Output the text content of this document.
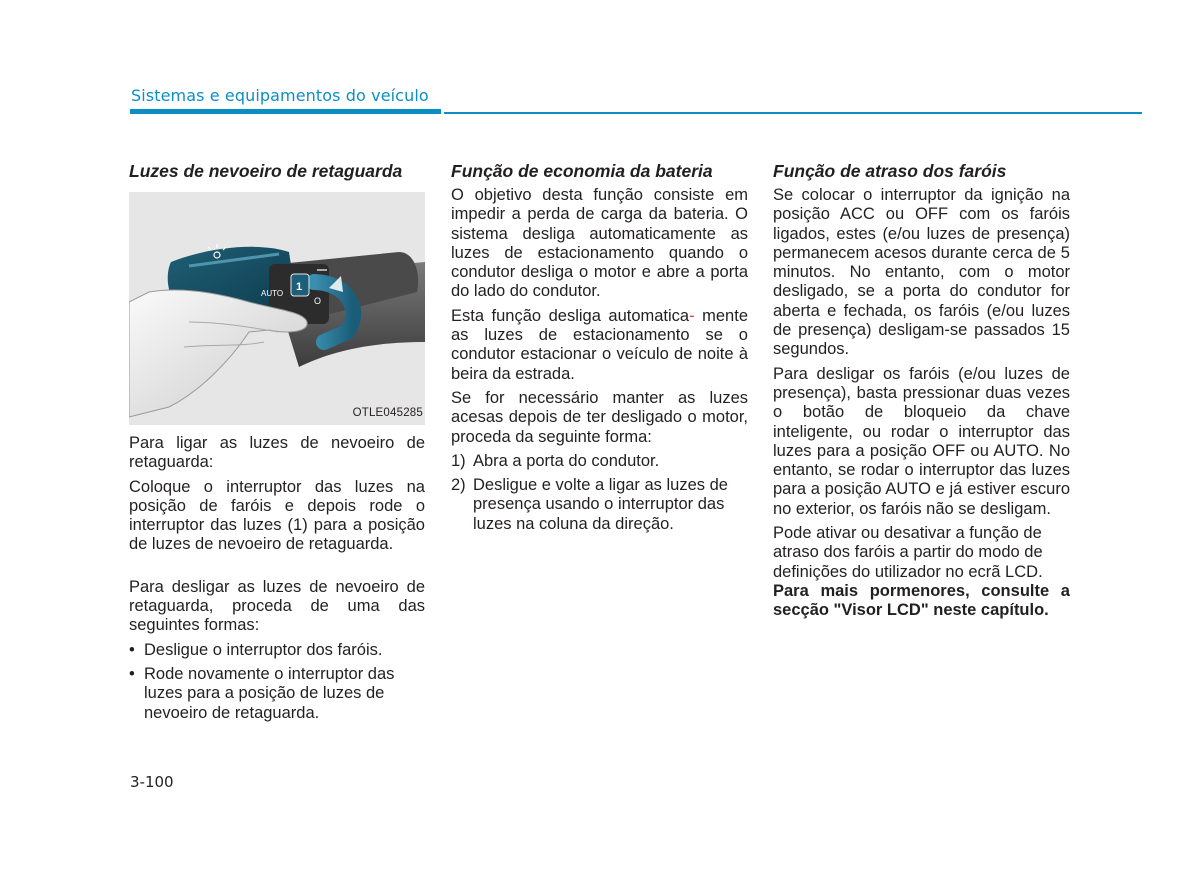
Sistemas e equipamentos do veículo
Luzes de nevoeiro de retaguarda
AUTO
O
1
OTLE045285

Para ligar as luzes de nevoeiro de retaguarda:

Coloque o interruptor das luzes na posição de faróis e depois rode o interruptor das luzes (1) para a posição de luzes de nevoeiro de retaguarda.

Para desligar as luzes de nevoeiro de retaguarda, proceda de uma das seguintes formas:

• Desligue o interruptor dos faróis.
• Rode novamente o interruptor das luzes para a posição de luzes de nevoeiro de retaguarda.
Função de economia da bateria

O objetivo desta função consiste em impedir a perda de carga da bateria. O sistema desliga automaticamente as luzes de estacionamento quando o condutor desliga o motor e abre a porta do lado do condutor.

Esta função desliga automatica- mente as luzes de estacionamento se o condutor estacionar o veículo de noite à beira da estrada.

Se for necessário manter as luzes acesas depois de ter desligado o motor, proceda da seguinte forma:

1) Abra a porta do condutor.
2) Desligue e volte a ligar as luzes de presença usando o interruptor das luzes na coluna da direção.
Função de atraso dos faróis

Se colocar o interruptor da ignição na posição ACC ou OFF com os faróis ligados, estes (e/ou luzes de presença) permanecem acesos durante cerca de 5 minutos. No entanto, com o motor desligado, se a porta do condutor for aberta e fechada, os faróis (e/ou luzes de presença) desligam-se passados 15 segundos.

Para desligar os faróis (e/ou luzes de presença), basta pressionar duas vezes o botão de bloqueio da chave inteligente, ou rodar o interruptor das luzes para a posição OFF ou AUTO. No entanto, se rodar o interruptor das luzes para a posição AUTO e já estiver escuro no exterior, os faróis não se desligam.

Pode ativar ou desativar a função de atraso dos faróis a partir do modo de definições do utilizador no ecrã LCD.

Para mais pormenores, consulte a secção "Visor LCD" neste capítulo.

3-100
